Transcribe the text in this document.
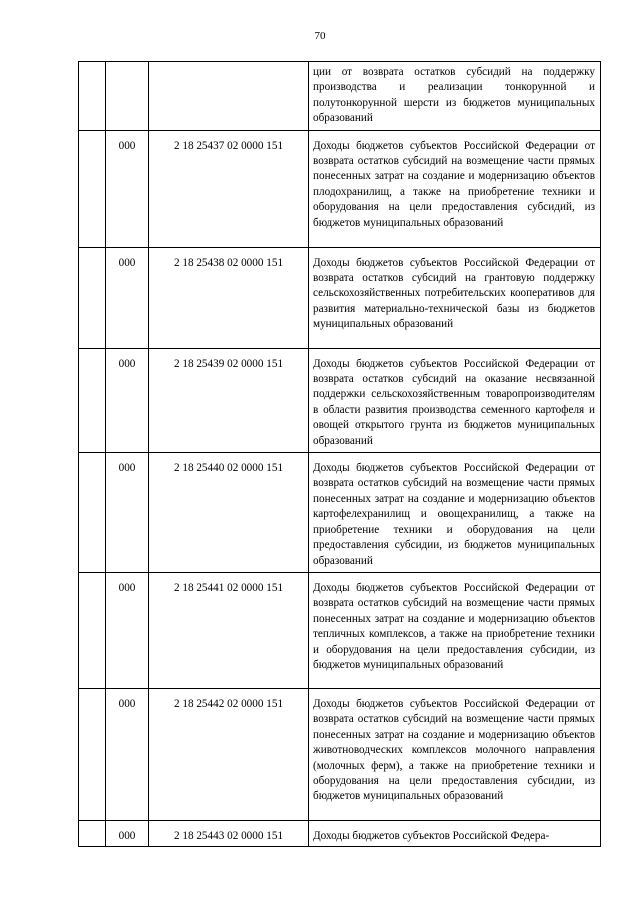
70
			ции от возврата остатков субсидий на поддержку производства и реализации тонкорунной и полутонкорунной шерсти из бюджетов муниципальных образований
	000	2 18 25437 02 0000 151	Доходы бюджетов субъектов Российской Федерации от возврата остатков субсидий на возмещение части прямых понесенных затрат на создание и модернизацию объектов плодохранилищ, а также на приобретение техники и оборудования на цели предоставления субсидий, из бюджетов муниципальных образований
	000	2 18 25438 02 0000 151	Доходы бюджетов субъектов Российской Федерации от возврата остатков субсидий на грантовую поддержку сельскохозяйственных потребительских кооперативов для развития материально-технической базы из бюджетов муниципальных образований
	000	2 18 25439 02 0000 151	Доходы бюджетов субъектов Российской Федерации от возврата остатков субсидий на оказание несвязанной поддержки сельскохозяйственным товаропроизводителям в области развития производства семенного картофеля и овощей открытого грунта из бюджетов муниципальных образований
	000	2 18 25440 02 0000 151	Доходы бюджетов субъектов Российской Федерации от возврата остатков субсидий на возмещение части прямых понесенных затрат на создание и модернизацию объектов картофелехранилищ и овощехранилищ, а также на приобретение техники и оборудования на цели предоставления субсидии, из бюджетов муниципальных образований
	000	2 18 25441 02 0000 151	Доходы бюджетов субъектов Российской Федерации от возврата остатков субсидий на возмещение части прямых понесенных затрат на создание и модернизацию объектов тепличных комплексов, а также на приобретение техники и оборудования на цели предоставления субсидии, из бюджетов муниципальных образований
	000	2 18 25442 02 0000 151	Доходы бюджетов субъектов Российской Федерации от возврата остатков субсидий на возмещение части прямых понесенных затрат на создание и модернизацию объектов животноводческих комплексов молочного направления (молочных ферм), а также на приобретение техники и оборудования на цели предоставления субсидии, из бюджетов муниципальных образований
	000	2 18 25443 02 0000 151	Доходы бюджетов субъектов Российской Федера-
